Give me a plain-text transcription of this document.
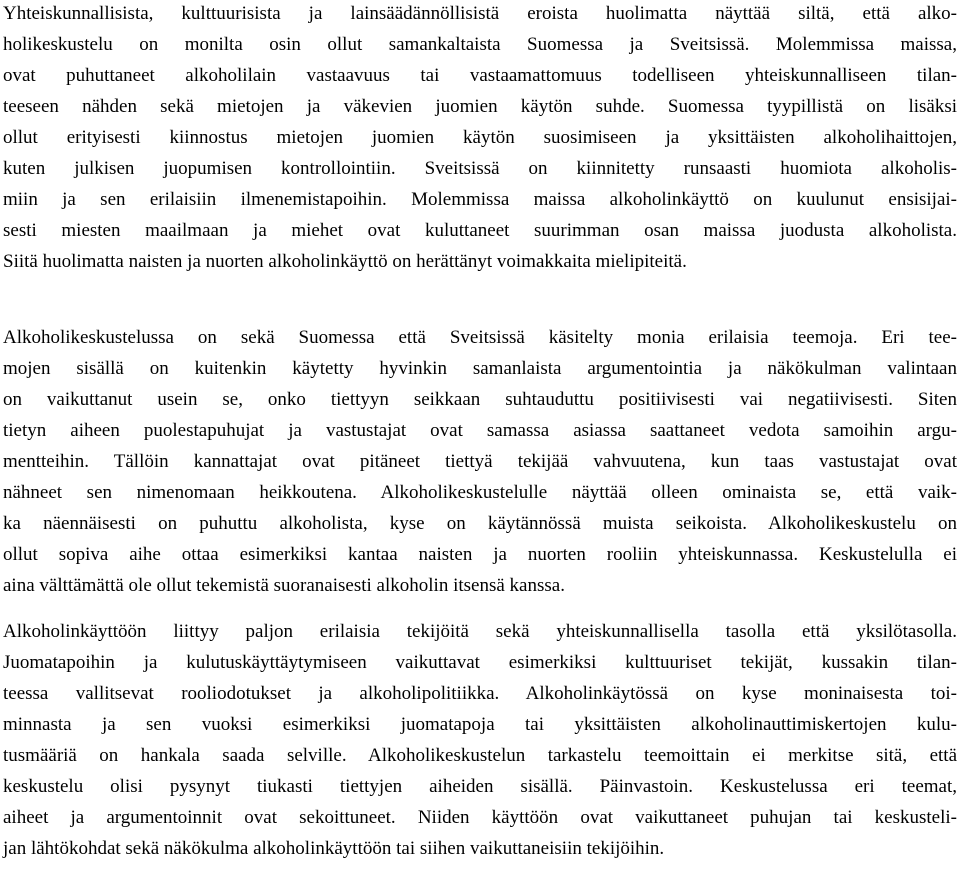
Yhteiskunnallisista, kulttuurisista ja lainsäädännöllisistä eroista huolimatta näyttää siltä, että alko-
holikeskustelu on monilta osin ollut samankaltaista Suomessa ja Sveitsissä. Molemmissa maissa,
ovat puhuttaneet alkoholilain vastaavuus tai vastaamattomuus todelliseen yhteiskunnalliseen tilan-
teeseen nähden sekä mietojen ja väkevien juomien käytön suhde. Suomessa tyypillistä on lisäksi
ollut erityisesti kiinnostus mietojen juomien käytön suosimiseen ja yksittäisten alkoholihaittojen,
kuten julkisen juopumisen kontrollointiin. Sveitsissä on kiinnitetty runsaasti huomiota alkoholis-
miin ja sen erilaisiin ilmenemistapoihin. Molemmissa maissa alkoholinkäyttö on kuulunut ensisijai-
sesti miesten maailmaan ja miehet ovat kuluttaneet suurimman osan maissa juodusta alkoholista.
Siitä huolimatta naisten ja nuorten alkoholinkäyttö on herättänyt voimakkaita mielipiteitä.
Alkoholikeskustelussa on sekä Suomessa että Sveitsissä käsitelty monia erilaisia teemoja. Eri tee-
mojen sisällä on kuitenkin käytetty hyvinkin samanlaista argumentointia ja näkökulman valintaan
on vaikuttanut usein se, onko tiettyyn seikkaan suhtauduttu positiivisesti vai negatiivisesti. Siten
tietyn aiheen puolestapuhujat ja vastustajat ovat samassa asiassa saattaneet vedota samoihin argu-
mentteihin. Tällöin kannattajat ovat pitäneet tiettyä tekijää vahvuutena, kun taas vastustajat ovat
nähneet sen nimenomaan heikkoutena. Alkoholikeskustelulle näyttää olleen ominaista se, että vaik-
ka näennäisesti on puhuttu alkoholista, kyse on käytännössä muista seikoista. Alkoholikeskustelu on
ollut sopiva aihe ottaa esimerkiksi kantaa naisten ja nuorten rooliin yhteiskunnassa. Keskustelulla ei
aina välttämättä ole ollut tekemistä suoranaisesti alkoholin itsensä kanssa.
Alkoholinkäyttöön liittyy paljon erilaisia tekijöitä sekä yhteiskunnallisella tasolla että yksilötasolla.
Juomatapoihin ja kulutuskäyttäytymiseen vaikuttavat esimerkiksi kulttuuriset tekijät, kussakin tilan-
teessa vallitsevat rooliodotukset ja alkoholipolitiikka. Alkoholinkäytössä on kyse moninaisesta toi-
minnasta ja sen vuoksi esimerkiksi juomatapoja tai yksittäisten alkoholinauttimiskertojen kulu-
tusmääriä on hankala saada selville. Alkoholikeskustelun tarkastelu teemoittain ei merkitse sitä, että
keskustelu olisi pysynyt tiukasti tiettyjen aiheiden sisällä. Päinvastoin. Keskustelussa eri teemat,
aiheet ja argumentoinnit ovat sekoittuneet. Niiden käyttöön ovat vaikuttaneet puhujan tai keskusteli-
jan lähtökohdat sekä näkökulma alkoholinkäyttöön tai siihen vaikuttaneisiin tekijöihin.
